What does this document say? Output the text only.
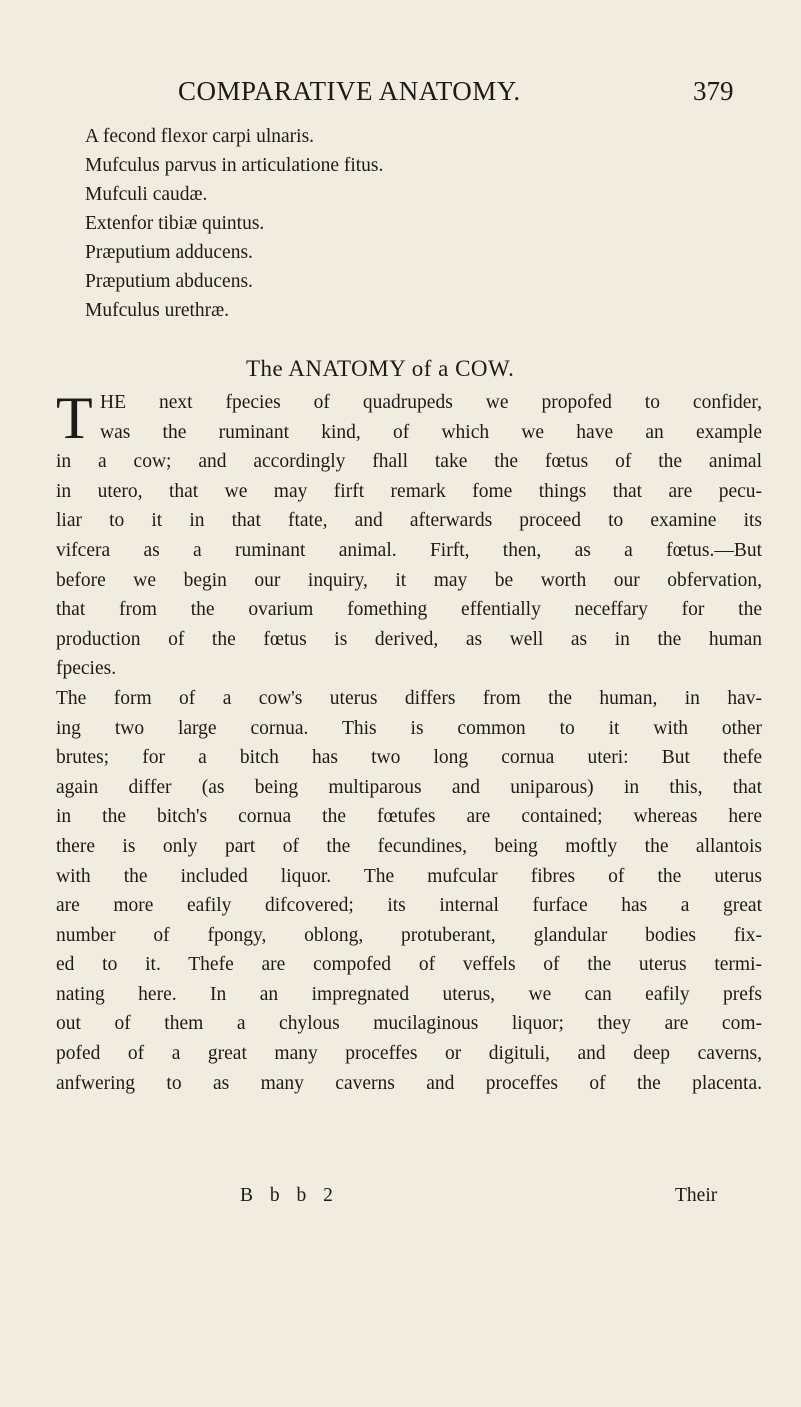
COMPARATIVE ANATOMY.	379
A fecond flexor carpi ulnaris.
Mufculus parvus in articulatione fitus.
Mufculi caudæ.
Extenfor tibiæ quintus.
Præputium adducens.
Præputium abducens.
Mufculus urethræ.
The ANATOMY of a COW.
T HE next fpecies of quadrupeds we propofed to confider,
was the ruminant kind, of which we have an example
in a cow; and accordingly fhall take the fœtus of the animal
in utero, that we may firft remark fome things that are pecu-
liar to it in that ftate, and afterwards proceed to examine its
vifcera as a ruminant animal. Firft, then, as a fœtus.—But
before we begin our inquiry, it may be worth our obfervation,
that from the ovarium fomething effentially neceffary for the
production of the fœtus is derived, as well as in the human
fpecies.
The form of a cow's uterus differs from the human, in hav-
ing two large cornua. This is common to it with other
brutes; for a bitch has two long cornua uteri: But thefe
again differ (as being multiparous and uniparous) in this, that
in the bitch's cornua the fœtufes are contained; whereas here
there is only part of the fecundines, being moftly the allantois
with the included liquor. The mufcular fibres of the uterus
are more eafily difcovered; its internal furface has a great
number of fpongy, oblong, protuberant, glandular bodies fix-
ed to it. Thefe are compofed of veffels of the uterus termi-
nating here. In an impregnated uterus, we can eafily prefs
out of them a chylous mucilaginous liquor; they are com-
pofed of a great many proceffes or digituli, and deep caverns,
anfwering to as many caverns and proceffes of the placenta.
B b b 2	Their
